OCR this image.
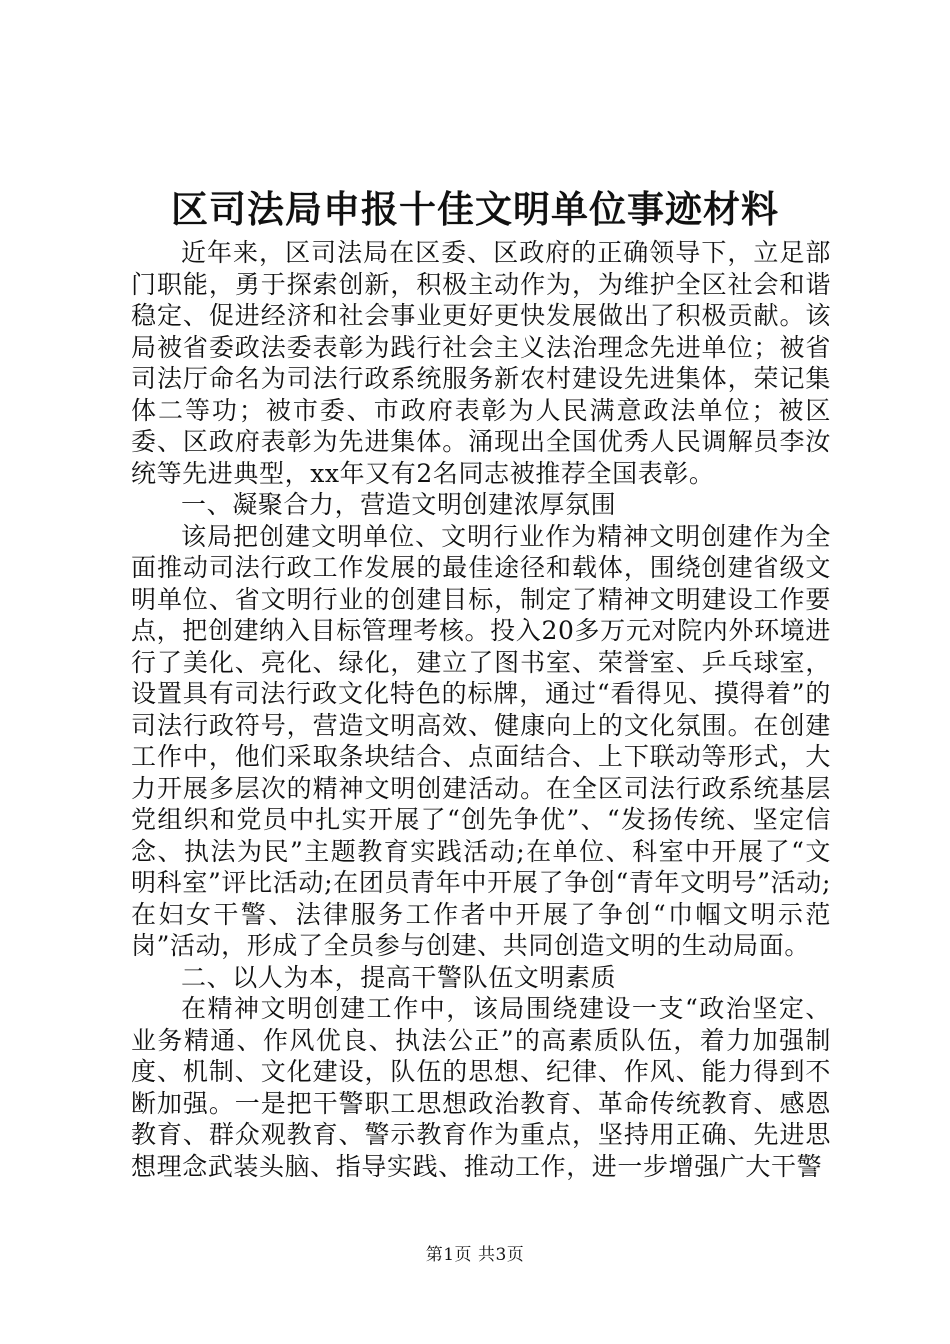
区司法局申报十佳文明单位事迹材料

近年来，区司法局在区委、区政府的正确领导下，立足部门职能，勇于探索创新，积极主动作为，为维护全区社会和谐稳定、促进经济和社会事业更好更快发展做出了积极贡献。该局被省委政法委表彰为践行社会主义法治理念先进单位；被省司法厅命名为司法行政系统服务新农村建设先进集体，荣记集体二等功；被市委、市政府表彰为人民满意政法单位；被区委、区政府表彰为先进集体。涌现出全国优秀人民调解员李汝统等先进典型，xx年又有2名同志被推荐全国表彰。

一、凝聚合力，营造文明创建浓厚氛围

该局把创建文明单位、文明行业作为精神文明创建作为全面推动司法行政工作发展的最佳途径和载体，围绕创建省级文明单位、省文明行业的创建目标，制定了精神文明建设工作要点，把创建纳入目标管理考核。投入20多万元对院内外环境进行了美化、亮化、绿化，建立了图书室、荣誉室、乒乓球室，设置具有司法行政文化特色的标牌，通过“看得见、摸得着”的司法行政符号，营造文明高效、健康向上的文化氛围。在创建工作中，他们采取条块结合、点面结合、上下联动等形式，大力开展多层次的精神文明创建活动。在全区司法行政系统基层党组织和党员中扎实开展了“创先争优”、“发扬传统、坚定信念、执法为民”主题教育实践活动;在单位、科室中开展了“文明科室”评比活动;在团员青年中开展了争创“青年文明号”活动;在妇女干警、法律服务工作者中开展了争创“巾帼文明示范岗”活动，形成了全员参与创建、共同创造文明的生动局面。

二、以人为本，提高干警队伍文明素质

在精神文明创建工作中，该局围绕建设一支“政治坚定、业务精通、作风优良、执法公正”的高素质队伍，着力加强制度、机制、文化建设，队伍的思想、纪律、作风、能力得到不断加强。一是把干警职工思想政治教育、革命传统教育、感恩教育、群众观教育、警示教育作为重点，坚持用正确、先进思想理念武装头脑、指导实践、推动工作，进一步增强广大干警

第1页 共3页
